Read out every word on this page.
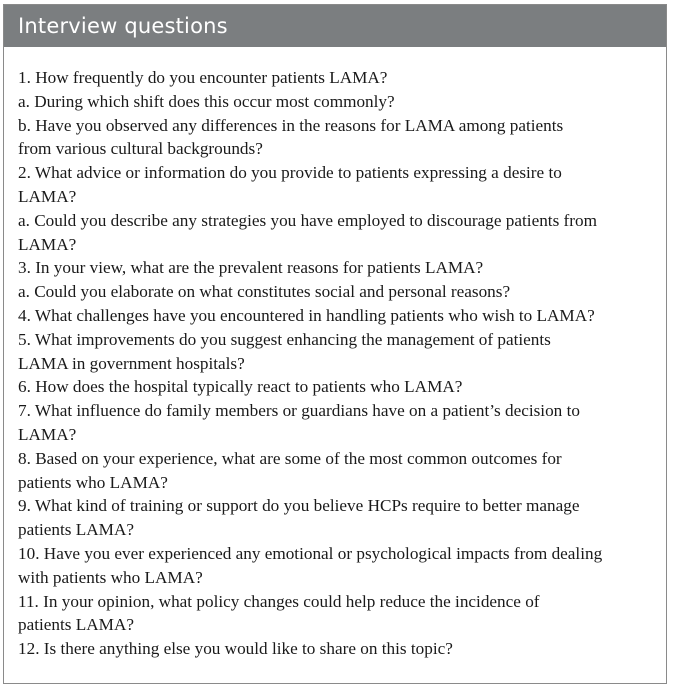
Interview questions
1. How frequently do you encounter patients LAMA?
a. During which shift does this occur most commonly?
b. Have you observed any differences in the reasons for LAMA among patients
from various cultural backgrounds?
2. What advice or information do you provide to patients expressing a desire to
LAMA?
a. Could you describe any strategies you have employed to discourage patients from
LAMA?
3. In your view, what are the prevalent reasons for patients LAMA?
a. Could you elaborate on what constitutes social and personal reasons?
4. What challenges have you encountered in handling patients who wish to LAMA?
5. What improvements do you suggest enhancing the management of patients
LAMA in government hospitals?
6. How does the hospital typically react to patients who LAMA?
7. What influence do family members or guardians have on a patient’s decision to
LAMA?
8. Based on your experience, what are some of the most common outcomes for
patients who LAMA?
9. What kind of training or support do you believe HCPs require to better manage
patients LAMA?
10. Have you ever experienced any emotional or psychological impacts from dealing
with patients who LAMA?
11. In your opinion, what policy changes could help reduce the incidence of
patients LAMA?
12. Is there anything else you would like to share on this topic?
